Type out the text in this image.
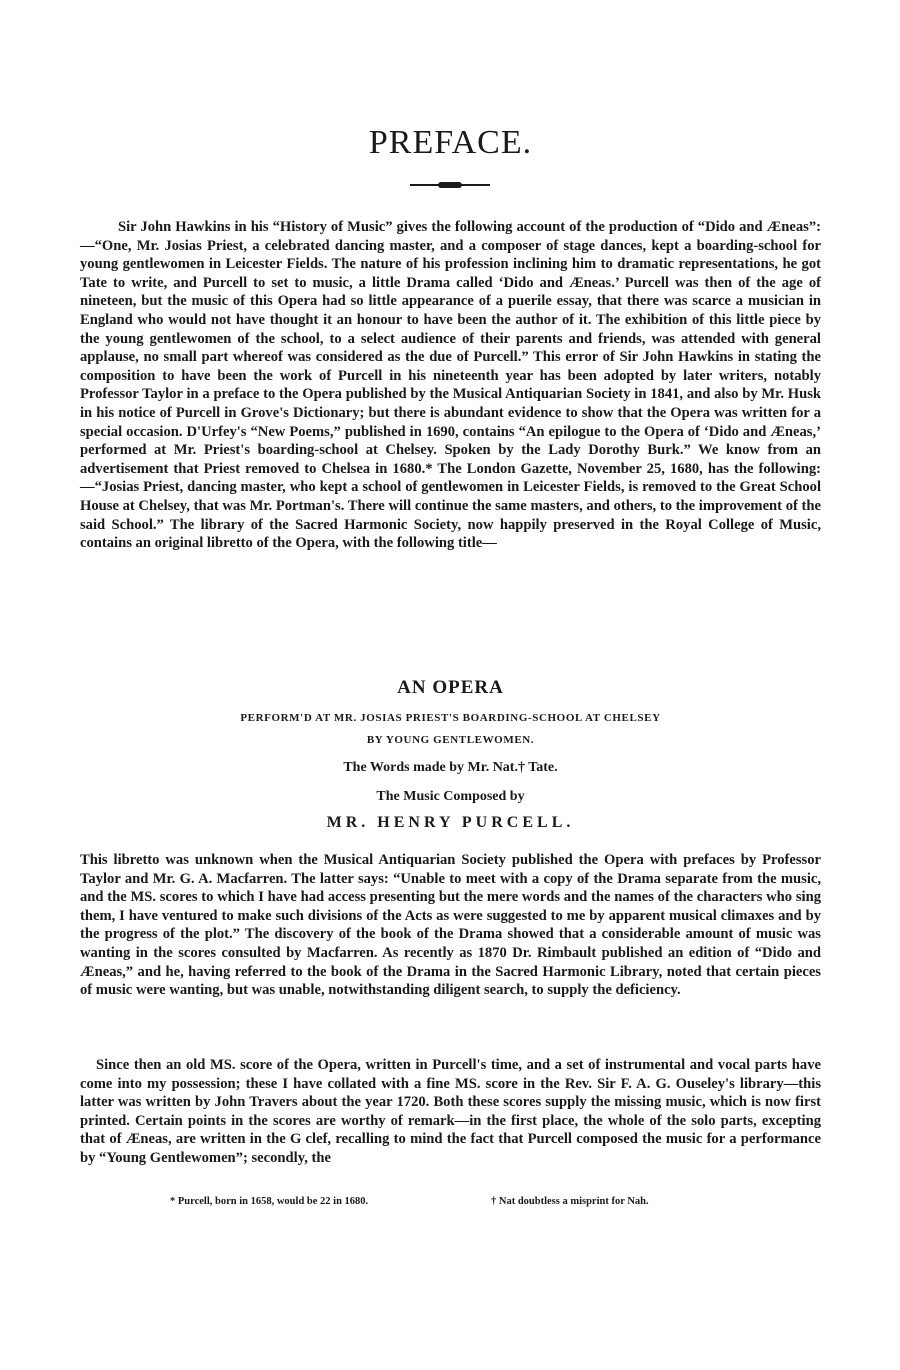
PREFACE.

Sir John Hawkins in his “History of Music” gives the following account of the production of “Dido and Æneas”:—“One, Mr. Josias Priest, a celebrated dancing master, and a composer of stage dances, kept a boarding-school for young gentlewomen in Leicester Fields. The nature of his profession inclining him to dramatic representations, he got Tate to write, and Purcell to set to music, a little Drama called ‘Dido and Æneas.’ Purcell was then of the age of nineteen, but the music of this Opera had so little appearance of a puerile essay, that there was scarce a musician in England who would not have thought it an honour to have been the author of it. The exhibition of this little piece by the young gentlewomen of the school, to a select audience of their parents and friends, was attended with general applause, no small part whereof was considered as the due of Purcell.” This error of Sir John Hawkins in stating the composition to have been the work of Purcell in his nineteenth year has been adopted by later writers, notably Professor Taylor in a preface to the Opera published by the Musical Antiquarian Society in 1841, and also by Mr. Husk in his notice of Purcell in Grove's Dictionary; but there is abundant evidence to show that the Opera was written for a special occasion. D'Urfey's “New Poems,” published in 1690, contains “An epilogue to the Opera of ‘Dido and Æneas,’ performed at Mr. Priest's boarding-school at Chelsey. Spoken by the Lady Dorothy Burk.” We know from an advertisement that Priest removed to Chelsea in 1680.* The London Gazette, November 25, 1680, has the following:—“Josias Priest, dancing master, who kept a school of gentlewomen in Leicester Fields, is removed to the Great School House at Chelsey, that was Mr. Portman's. There will continue the same masters, and others, to the improvement of the said School.” The library of the Sacred Harmonic Society, now happily preserved in the Royal College of Music, contains an original libretto of the Opera, with the following title—

AN OPERA
PERFORM'D AT MR. JOSIAS PRIEST'S BOARDING-SCHOOL AT CHELSEY
BY YOUNG GENTLEWOMEN.
The Words made by Mr. Nat.† Tate.
The Music Composed by
MR. HENRY PURCELL.

This libretto was unknown when the Musical Antiquarian Society published the Opera with prefaces by Professor Taylor and Mr. G. A. Macfarren. The latter says: “Unable to meet with a copy of the Drama separate from the music, and the MS. scores to which I have had access presenting but the mere words and the names of the characters who sing them, I have ventured to make such divisions of the Acts as were suggested to me by apparent musical climaxes and by the progress of the plot.” The discovery of the book of the Drama showed that a considerable amount of music was wanting in the scores consulted by Macfarren. As recently as 1870 Dr. Rimbault published an edition of “Dido and Æneas,” and he, having referred to the book of the Drama in the Sacred Harmonic Library, noted that certain pieces of music were wanting, but was unable, notwithstanding diligent search, to supply the deficiency.

Since then an old MS. score of the Opera, written in Purcell's time, and a set of instrumental and vocal parts have come into my possession; these I have collated with a fine MS. score in the Rev. Sir F. A. G. Ouseley's library—this latter was written by John Travers about the year 1720. Both these scores supply the missing music, which is now first printed. Certain points in the scores are worthy of remark—in the first place, the whole of the solo parts, excepting that of Æneas, are written in the G clef, recalling to mind the fact that Purcell composed the music for a performance by “Young Gentlewomen”; secondly, the

* Purcell, born in 1658, would be 22 in 1680.	† Nat doubtless a misprint for Nah.
